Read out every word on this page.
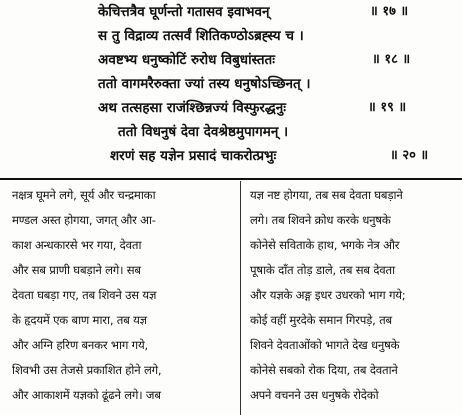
केचित्तत्रैव घूर्णन्तो गतासव इवाभवन्	॥ १७ ॥
स तु विद्राव्य तत्सर्वं शितिकण्ठोऽब्रह्स्य च ।
अवष्टभ्य धनुष्कोटिं रुरोध विबुधांस्ततः	॥ १८ ॥
ततो वागमरैरुक्ता ज्यां तस्य धनुषोऽच्छिनत् ।
अथ तत्सहसा राजंश्छिन्नज्यं विस्फुरद्धनुः	॥ १९ ॥
ततो विधनुषं देवा देवश्रेष्ठमुपागमन् ।
शरणं सह यज्ञेन प्रसादं चाकरोत्प्रभुः	॥ २० ॥
नक्षत्र घूमने लगे, सूर्य और चन्द्रमाका
मण्डल अस्त होगया, जगत् और आ-
काश अन्धकारसे भर गया, देवता
और सब प्राणी घबड़ाने लगे। सब
देवता घबड़ा गए, तब शिवने उस यज्ञ
के हृदयमें एक बाण मारा, तब यज्ञ
और अग्नि हरिण बनकर भाग गये,
शिवभी उस तेजसे प्रकाशित होने लगे,
और आकाशमें यज्ञको ढूंढने लगे। जब
यज्ञ नष्ट होगया, तब सब देवता घबड़ाने
लगे। तब शिवने क्रोध करके धनुषके
कोनेसे सविताके हाथ, भगके नेत्र और
पूषाके दाँत तोड़ डाले, तब सब देवता
और यज्ञके अङ्ग इधर उधरको भाग गये;
कोई वहीं मुरदेके समान गिरपड़े, तब
शिवने देवताओंको भागते देख धनुषके
कोनेसे सबको रोक दिया, तब देवताने
अपने वचनने उस धनुषके रोदेको
